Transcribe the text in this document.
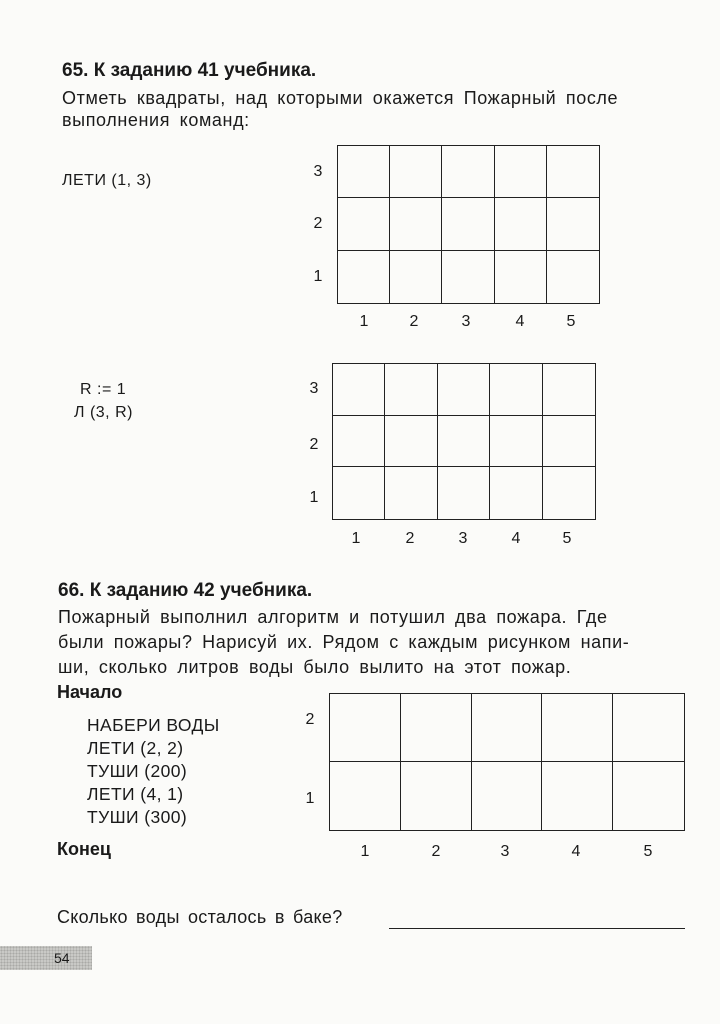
65. К заданию 41 учебника.
Отметь квадраты, над которыми окажется Пожарный после
выполнения команд:
ЛЕТИ (1, 3)
3
2
1
1	2	3	4	5
R := 1
Л (3, R)
3
2
1
1	2	3	4	5
66. К заданию 42 учебника.
Пожарный выполнил алгоритм и потушил два пожара. Где
были пожары? Нарисуй их. Рядом с каждым рисунком напи-
ши, сколько литров воды было вылито на этот пожар.
Начало
НАБЕРИ ВОДЫ
ЛЕТИ (2, 2)
ТУШИ (200)
ЛЕТИ (4, 1)
ТУШИ (300)
Конец
2
1
1	2	3	4	5
Сколько воды осталось в баке?
54
